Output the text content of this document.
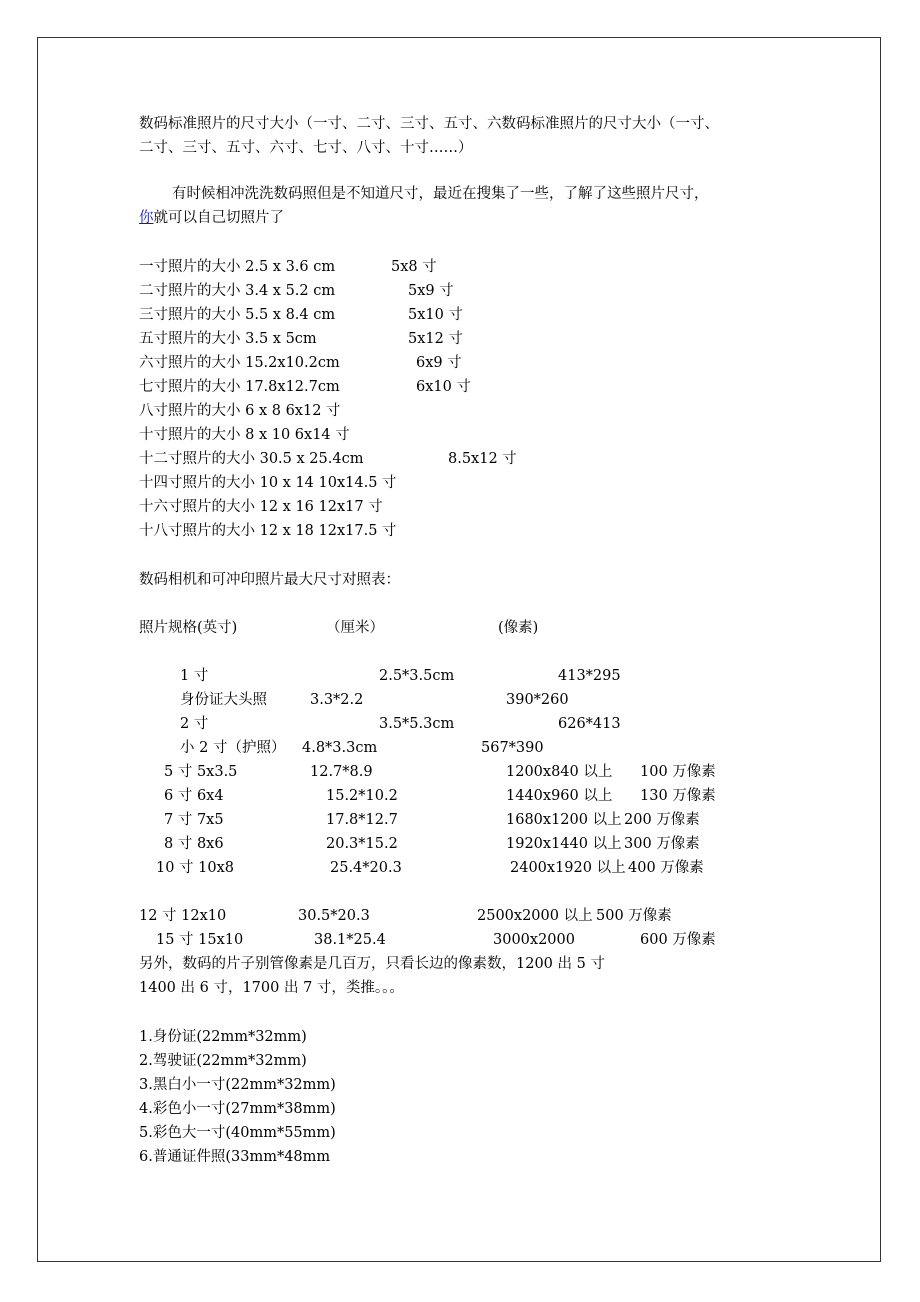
数码标准照片的尺寸大小（一寸、二寸、三寸、五寸、六数码标准照片的尺寸大小（一寸、
二寸、三寸、五寸、六寸、七寸、八寸、十寸……）
有时候相冲洗洗数码照但是不知道尺寸，最近在搜集了一些，了解了这些照片尺寸，
你就可以自己切照片了
一寸照片的大小 2.5 x 3.6 cm	5x8 寸
二寸照片的大小 3.4 x 5.2 cm	5x9 寸
三寸照片的大小 5.5 x 8.4 cm	5x10 寸
五寸照片的大小 3.5 x 5cm	5x12 寸
六寸照片的大小 15.2x10.2cm	6x9 寸
七寸照片的大小 17.8x12.7cm	6x10 寸
八寸照片的大小 6 x 8 6x12 寸
十寸照片的大小 8 x 10 6x14 寸
十二寸照片的大小 30.5 x 25.4cm	8.5x12 寸
十四寸照片的大小 10 x 14 10x14.5 寸
十六寸照片的大小 12 x 16 12x17 寸
十八寸照片的大小 12 x 18 12x17.5 寸
数码相机和可冲印照片最大尺寸对照表：
照片规格(英寸)	（厘米）	(像素)
1 寸	2.5*3.5cm	413*295
身份证大头照	3.3*2.2	390*260
2 寸	3.5*5.3cm	626*413
小 2 寸（护照） 4.8*3.3cm	567*390
5 寸 5x3.5	12.7*8.9	1200x840 以上 100 万像素
6 寸 6x4	15.2*10.2	1440x960 以上 130 万像素
7 寸 7x5	17.8*12.7	1680x1200 以上 200 万像素
8 寸 8x6	20.3*15.2	1920x1440 以上 300 万像素
10 寸 10x8	25.4*20.3	2400x1920 以上 400 万像素
12 寸 12x10	30.5*20.3	2500x2000 以上 500 万像素
15 寸 15x10	38.1*25.4	3000x2000	600 万像素
另外，数码的片子别管像素是几百万，只看长边的像素数，1200 出 5 寸
1400 出 6 寸，1700 出 7 寸，类推。。。
1.身份证(22mm*32mm)
2.驾驶证(22mm*32mm)
3.黑白小一寸(22mm*32mm)
4.彩色小一寸(27mm*38mm)
5.彩色大一寸(40mm*55mm)
6.普通证件照(33mm*48mm
